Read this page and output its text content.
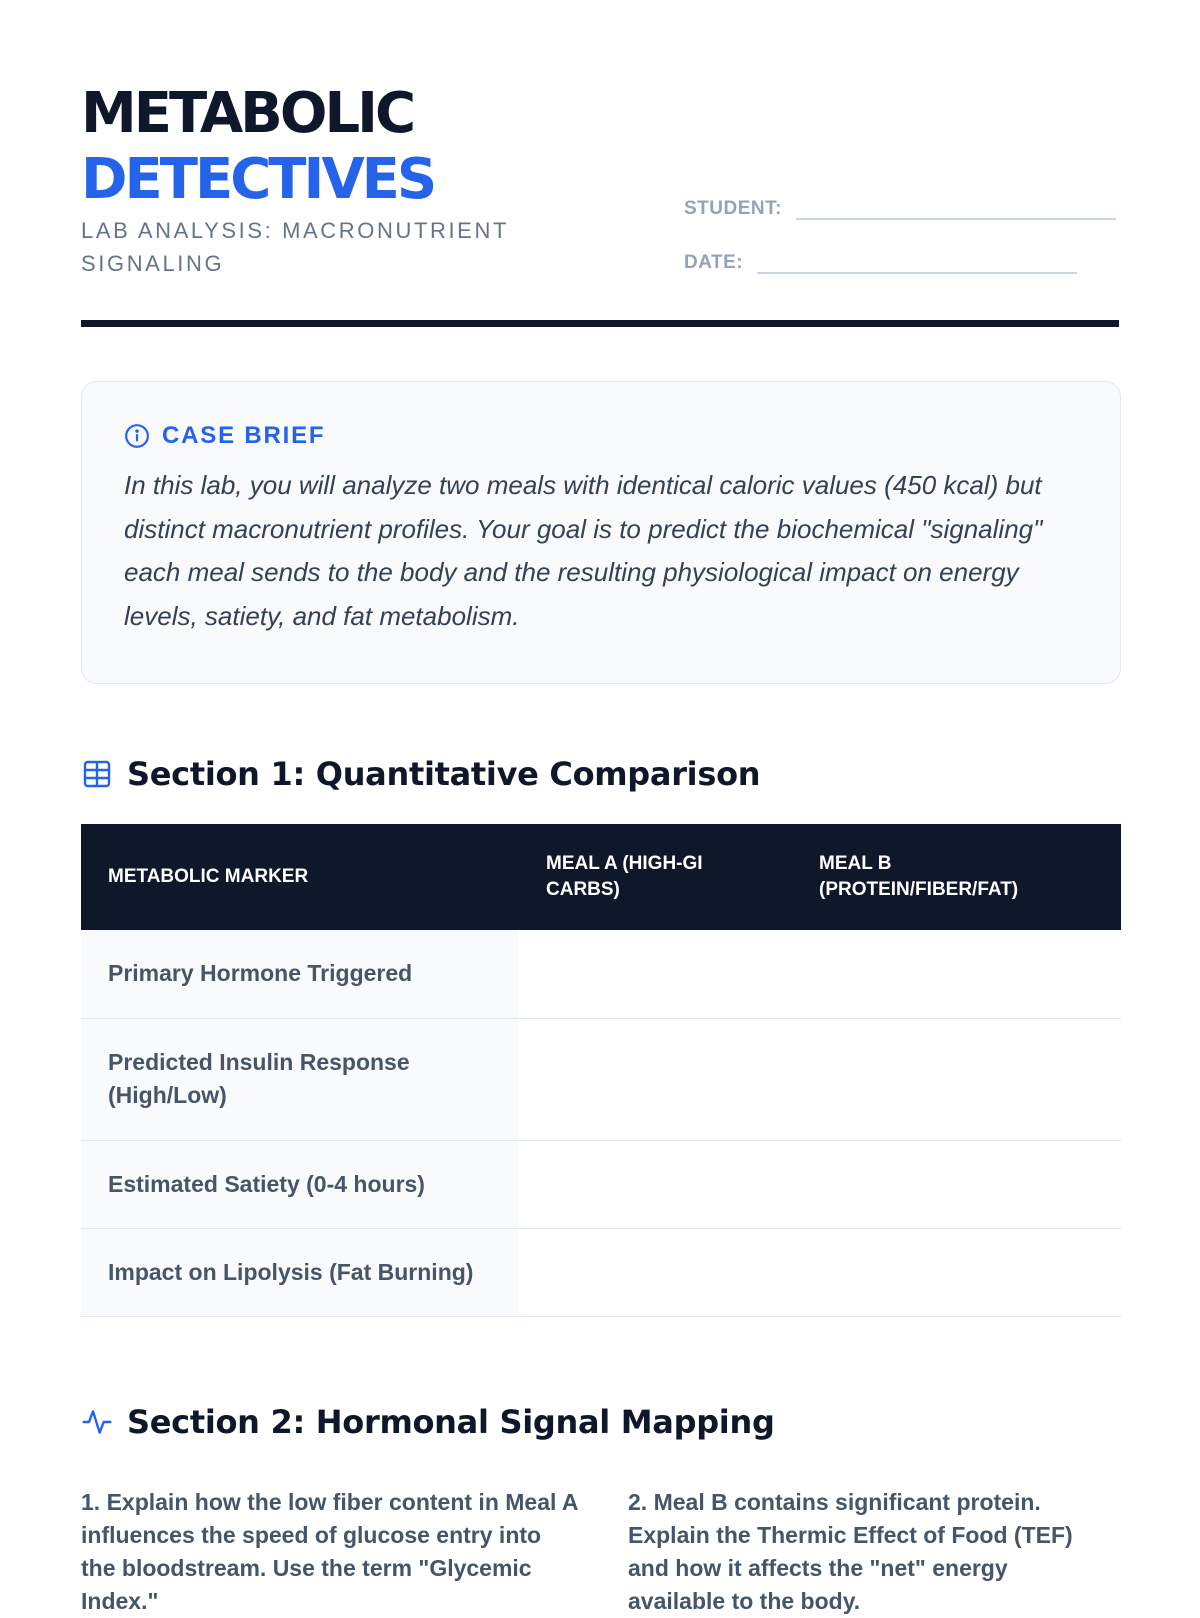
METABOLIC
DETECTIVES
LAB ANALYSIS: MACRONUTRIENT SIGNALING
STUDENT:
DATE:
CASE BRIEF

In this lab, you will analyze two meals with identical caloric values (450 kcal) but distinct macronutrient profiles. Your goal is to predict the biochemical "signaling" each meal sends to the body and the resulting physiological impact on energy levels, satiety, and fat metabolism.

Section 1: Quantitative Comparison
METABOLIC MARKER	MEAL A (HIGH-GI CARBS)	MEAL B (PROTEIN/FIBER/FAT)
Primary Hormone Triggered		
Predicted Insulin Response (High/Low)		
Estimated Satiety (0-4 hours)		
Impact on Lipolysis (Fat Burning)		
Section 2: Hormonal Signal Mapping

1. Explain how the low fiber content in Meal A influences the speed of glucose entry into the bloodstream. Use the term "Glycemic Index."

2. Meal B contains significant protein. Explain the Thermic Effect of Food (TEF) and how it affects the "net" energy available to the body.
